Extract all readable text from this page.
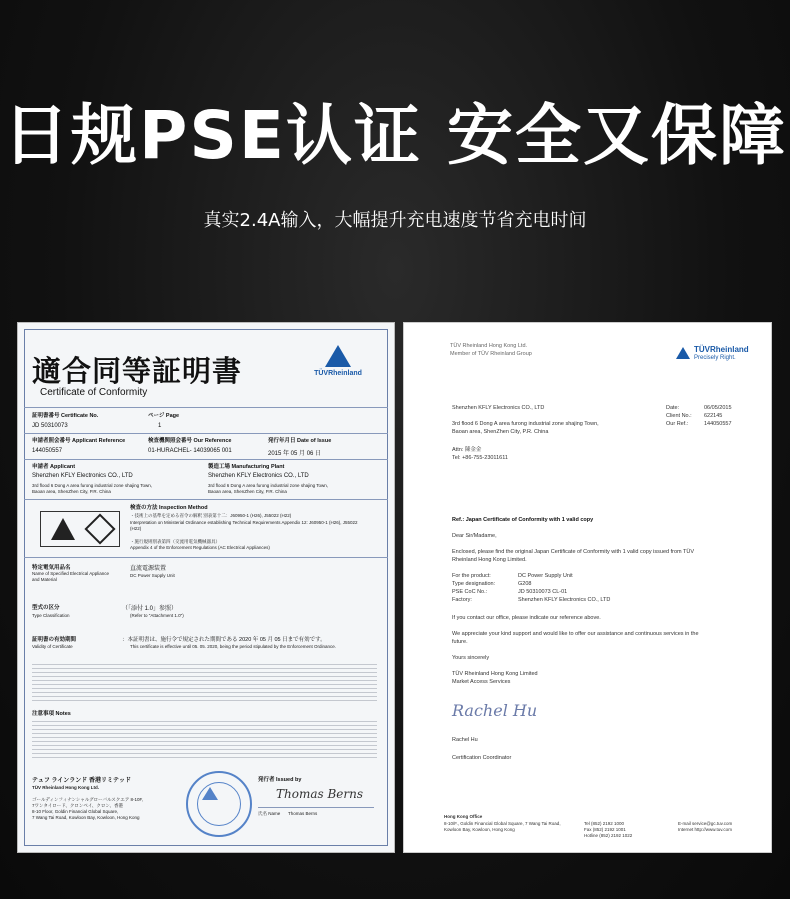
日规PSE认证 安全又保障
真实2.4A输入，大幅提升充电速度节省充电时间
適合同等証明書
Certificate of Conformity
TÜVRheinland
証明書番号 Certificate No.	ページ Page
JD 50310073	1
申請者照会番号 Applicant Reference	検査機関照会番号 Our Reference	発行年月日 Date of Issue
144050557	01-HURACHEL- 14039065 001	2015 年 05 月 06 日
申請者 Applicant	製造工場 Manufacturing Plant
Shenzhen KFLY Electronics CO., LTD	Shenzhen KFLY Electronics CO., LTD
3rd flood 6 Dong A area furong industrial zone shajing Town,
Baoan area, ShenZhen City, P.R. China
3rd flood 6 Dong A area furong industrial zone shajing Town,
Baoan area, ShenZhen City, P.R. China
検査の方法 Inspection Method
・技術上の基準を定める省令の解釈 別表第十二：J60950-1 (H26), J55022 (H22)
Interpretation on Ministerial Ordinance establishing Technical Requirements Appendix 12: J60950-1 (H26), J55022 (H22)
・施行規則別表第四（交流用電気機械器具）
Appendix 4 of the Enforcement Regulations (AC Electrical Appliances)
特定電気用品名
Name of Specified Electrical Appliance and Material
直流電源装置
DC Power Supply Unit
型式の区分
Type Classification
（「添付 1.0」参照）
(Refer to "Attachment 1.0")
証明書の有効期間
Validity of Certificate
：本証明書は、施行令で規定された期間である 2020 年 05 月 05 日まで有効です。
This certificate is effective until 05. 05. 2020, being the period stipulated by the Enforcement Ordinance.
注意事項 Notes
テュフ ラインランド 香港リミテッド
TÜV Rheinland Hong Kong Ltd.
ゴールディンフィナンシャルグローバルスクエア 8-10F,
7ワンタイロード、クロンベイ、クロン、香港
8-10 Floor, Goldin Financial Global Square,
7 Wang Tai Road, Kowloon Bay, Kowloon, Hong Kong
発行者 Issued by
Thomas Berns
氏名 Name Thomas Berns
TÜV Rheinland Hong Kong Ltd.
Member of TÜV Rheinland Group	TÜVRheinland
Precisely Right.
Shenzhen KFLY Electronics CO., LTD
3rd flood 6 Dong A area furong industrial zone shajing Town,
Baoan area, ShenZhen City, P.R. China
Attn: 陳金金
Tel: +86-755-23011611
Date:	06/05/2015
Client No.: 622145
Our Ref.:	144050557
Ref.: Japan Certificate of Conformity with 1 valid copy
Dear Sir/Madame,
Enclosed, please find the original Japan Certificate of Conformity with 1 valid copy issued from TÜV
Rheinland Hong Kong Limited.
For the product:	DC Power Supply Unit
Type designation:	G208
PSE CoC No.:	JD 50310073 CL-01
Factory:	Shenzhen KFLY Electronics CO., LTD
If you contact our office, please indicate our reference above.
We appreciate your kind support and would like to offer our assistance and continuous services in the
future.
Yours sincerely
TÜV Rheinland Hong Kong Limited
Market Access Services
Rachel Hu
Rachel Hu
Certification Coordinator
Hong Kong Office
8-10/F., Goldin Financial Global Square, 7 Wang Tai Road,
Kowloon Bay, Kowloon, Hong Kong
Tel (852) 2192 1000
Fax (852) 2192 1001
Hotline (852) 2192 1022
E-mail service@gc.tuv.com
Internet http://www.tuv.com
